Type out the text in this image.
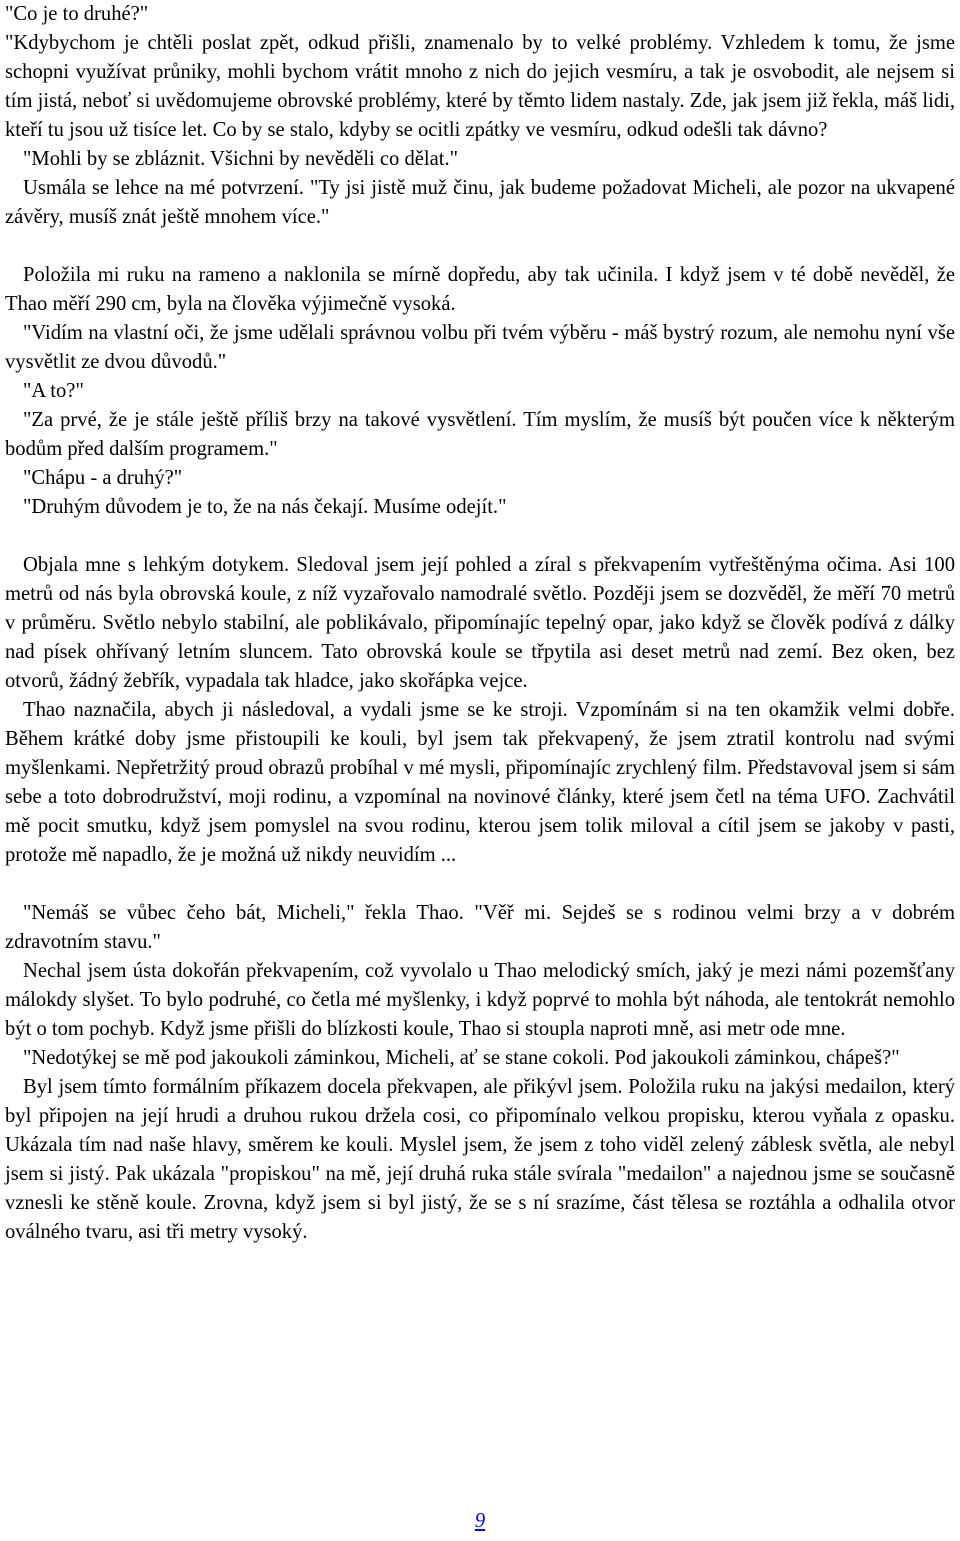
"Co je to druhé?"

"Kdybychom je chtěli poslat zpět, odkud přišli, znamenalo by to velké problémy. Vzhledem k tomu, že jsme schopni využívat průniky, mohli bychom vrátit mnoho z nich do jejich vesmíru, a tak je osvobodit, ale nejsem si tím jistá, neboť si uvědomujeme obrovské problémy, které by těmto lidem nastaly. Zde, jak jsem již řekla, máš lidi, kteří tu jsou už tisíce let. Co by se stalo, kdyby se ocitli zpátky ve vesmíru, odkud odešli tak dávno?

"Mohli by se zbláznit. Všichni by nevěděli co dělat."

Usmála se lehce na mé potvrzení. "Ty jsi jistě muž činu, jak budeme požadovat Micheli, ale pozor na ukvapené závěry, musíš znát ještě mnohem více."

Položila mi ruku na rameno a naklonila se mírně dopředu, aby tak učinila. I když jsem v té době nevěděl, že Thao měří 290 cm, byla na člověka výjimečně vysoká.

"Vidím na vlastní oči, že jsme udělali správnou volbu při tvém výběru - máš bystrý rozum, ale nemohu nyní vše vysvětlit ze dvou důvodů."

"A to?"

"Za prvé, že je stále ještě příliš brzy na takové vysvětlení. Tím myslím, že musíš být poučen více k některým bodům před dalším programem."

"Chápu - a druhý?"

"Druhým důvodem je to, že na nás čekají. Musíme odejít."

Objala mne s lehkým dotykem. Sledoval jsem její pohled a zíral s překvapením vytřeštěnýma očima. Asi 100 metrů od nás byla obrovská koule, z níž vyzařovalo namodralé světlo. Později jsem se dozvěděl, že měří 70 metrů v průměru. Světlo nebylo stabilní, ale poblikávalo, připomínajíc tepelný opar, jako když se člověk podívá z dálky nad písek ohřívaný letním sluncem. Tato obrovská koule se třpytila asi deset metrů nad zemí. Bez oken, bez otvorů, žádný žebřík, vypadala tak hladce, jako skořápka vejce.

Thao naznačila, abych ji následoval, a vydali jsme se ke stroji. Vzpomínám si na ten okamžik velmi dobře. Během krátké doby jsme přistoupili ke kouli, byl jsem tak překvapený, že jsem ztratil kontrolu nad svými myšlenkami. Nepřetržitý proud obrazů probíhal v mé mysli, připomínajíc zrychlený film. Představoval jsem si sám sebe a toto dobrodružství, moji rodinu, a vzpomínal na novinové články, které jsem četl na téma UFO. Zachvátil mě pocit smutku, když jsem pomyslel na svou rodinu, kterou jsem tolik miloval a cítil jsem se jakoby v pasti, protože mě napadlo, že je možná už nikdy neuvidím ...

"Nemáš se vůbec čeho bát, Micheli," řekla Thao. "Věř mi. Sejdeš se s rodinou velmi brzy a v dobrém zdravotním stavu."

Nechal jsem ústa dokořán překvapením, což vyvolalo u Thao melodický smích, jaký je mezi námi pozemšťany málokdy slyšet. To bylo podruhé, co četla mé myšlenky, i když poprvé to mohla být náhoda, ale tentokrát nemohlo být o tom pochyb. Když jsme přišli do blízkosti koule, Thao si stoupla naproti mně, asi metr ode mne.

"Nedotýkej se mě pod jakoukoli záminkou, Micheli, ať se stane cokoli. Pod jakoukoli záminkou, chápeš?"

Byl jsem tímto formálním příkazem docela překvapen, ale přikývl jsem. Položila ruku na jakýsi medailon, který byl připojen na její hrudi a druhou rukou držela cosi, co připomínalo velkou propisku, kterou vyňala z opasku. Ukázala tím nad naše hlavy, směrem ke kouli. Myslel jsem, že jsem z toho viděl zelený záblesk světla, ale nebyl jsem si jistý. Pak ukázala "propiskou" na mě, její druhá ruka stále svírala "medailon" a najednou jsme se současně vznesli ke stěně koule. Zrovna, když jsem si byl jistý, že se s ní srazíme, část tělesa se roztáhla a odhalila otvor oválného tvaru, asi tři metry vysoký.

9
